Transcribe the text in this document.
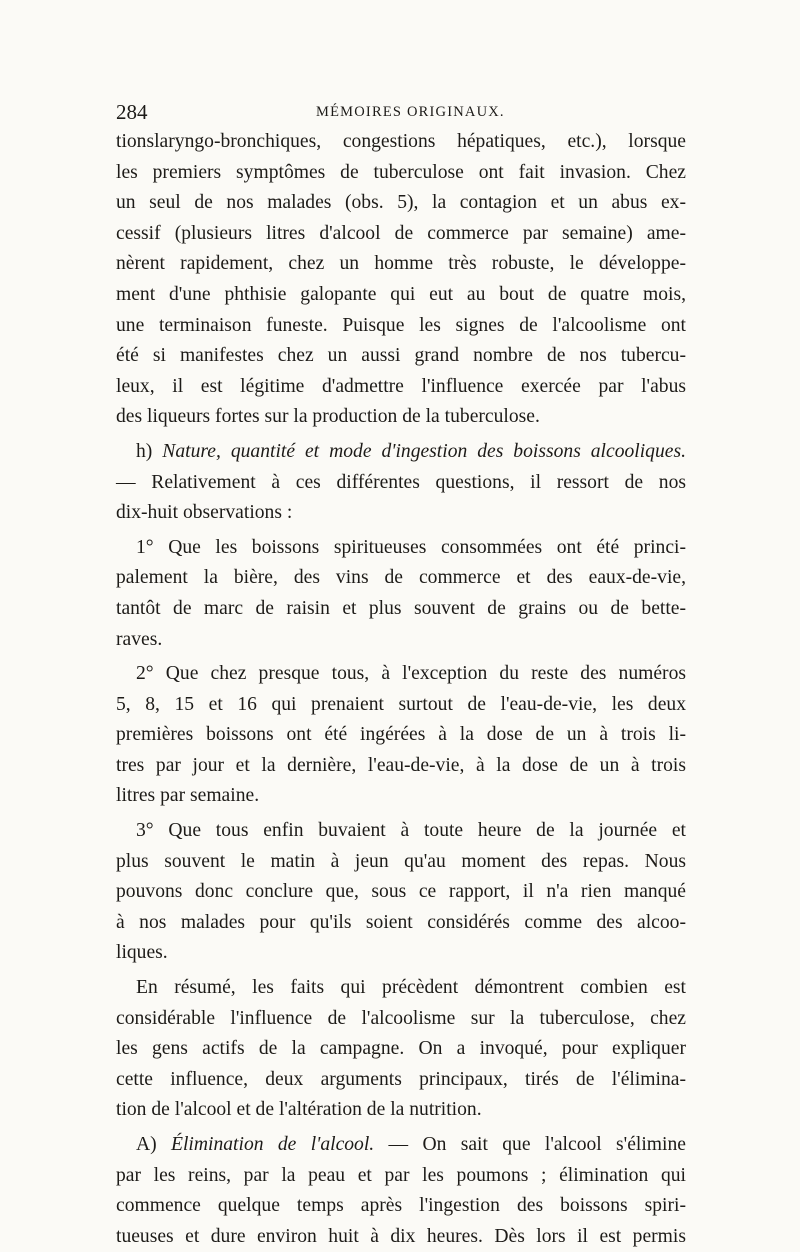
284	MÉMOIRES ORIGINAUX.

tionslaryngo-bronchiques, congestions hépatiques, etc.), lorsque
les premiers symptômes de tuberculose ont fait invasion. Chez
un seul de nos malades (obs. 5), la contagion et un abus ex-
cessif (plusieurs litres d'alcool de commerce par semaine) ame-
nèrent rapidement, chez un homme très robuste, le développe-
ment d'une phthisie galopante qui eut au bout de quatre mois,
une terminaison funeste. Puisque les signes de l'alcoolisme ont
été si manifestes chez un aussi grand nombre de nos tubercu-
leux, il est légitime d'admettre l'influence exercée par l'abus
des liqueurs fortes sur la production de la tuberculose.

h) Nature, quantité et mode d'ingestion des boissons alcooliques.
— Relativement à ces différentes questions, il ressort de nos
dix-huit observations :

1° Que les boissons spiritueuses consommées ont été princi-
palement la bière, des vins de commerce et des eaux-de-vie,
tantôt de marc de raisin et plus souvent de grains ou de bette-
raves.

2° Que chez presque tous, à l'exception du reste des numéros
5, 8, 15 et 16 qui prenaient surtout de l'eau-de-vie, les deux
premières boissons ont été ingérées à la dose de un à trois li-
tres par jour et la dernière, l'eau-de-vie, à la dose de un à trois
litres par semaine.

3° Que tous enfin buvaient à toute heure de la journée et
plus souvent le matin à jeun qu'au moment des repas. Nous
pouvons donc conclure que, sous ce rapport, il n'a rien manqué
à nos malades pour qu'ils soient considérés comme des alcoo-
liques.

En résumé, les faits qui précèdent démontrent combien est
considérable l'influence de l'alcoolisme sur la tuberculose, chez
les gens actifs de la campagne. On a invoqué, pour expliquer
cette influence, deux arguments principaux, tirés de l'élimina-
tion de l'alcool et de l'altération de la nutrition.

A) Élimination de l'alcool. — On sait que l'alcool s'élimine
par les reins, par la peau et par les poumons ; élimination qui
commence quelque temps après l'ingestion des boissons spiri-
tueuses et dure environ huit à dix heures. Dès lors il est permis
